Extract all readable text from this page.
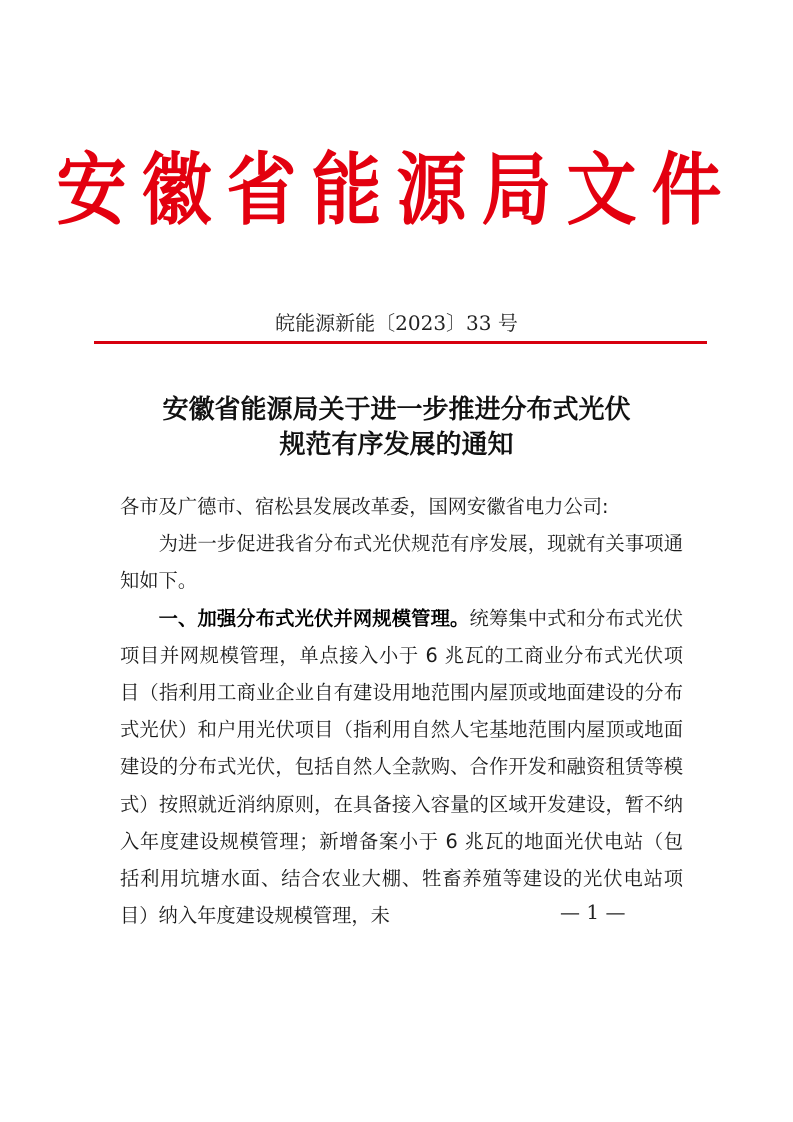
安徽省能源局文件
皖能源新能〔2023〕33 号
安徽省能源局关于进一步推进分布式光伏
规范有序发展的通知

各市及广德市、宿松县发展改革委，国网安徽省电力公司:

为进一步促进我省分布式光伏规范有序发展，现就有关事项通知如下。

一、加强分布式光伏并网规模管理。统筹集中式和分布式光伏项目并网规模管理，单点接入小于 6 兆瓦的工商业分布式光伏项目（指利用工商业企业自有建设用地范围内屋顶或地面建设的分布式光伏）和户用光伏项目（指利用自然人宅基地范围内屋顶或地面建设的分布式光伏，包括自然人全款购、合作开发和融资租赁等模式）按照就近消纳原则，在具备接入容量的区域开发建设，暂不纳入年度建设规模管理；新增备案小于 6 兆瓦的地面光伏电站（包括利用坑塘水面、结合农业大棚、牲畜养殖等建设的光伏电站项目）纳入年度建设规模管理，未	— 1 —
